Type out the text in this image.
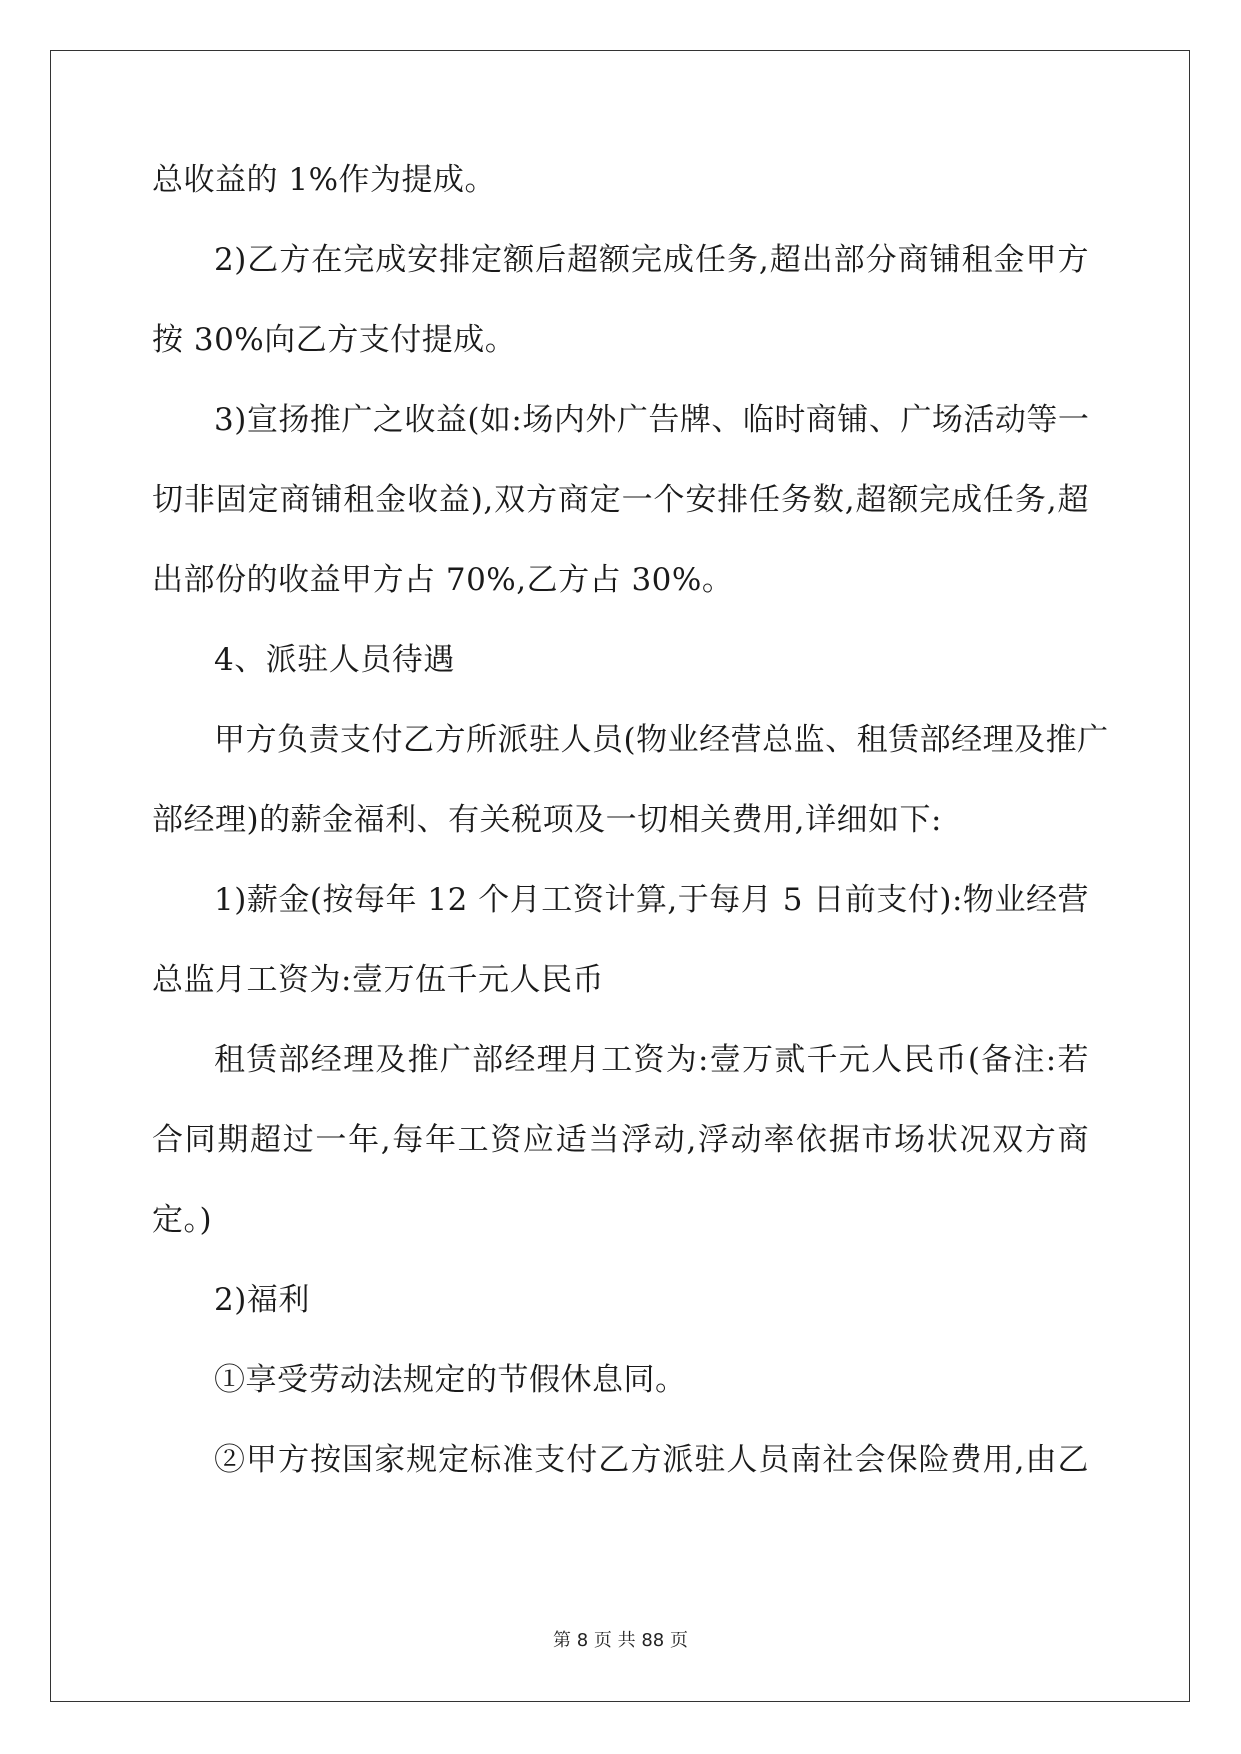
总收益的 1%作为提成。
2)乙方在完成安排定额后超额完成任务,超出部分商铺租金甲方
按 30%向乙方支付提成。
3)宣扬推广之收益(如:场内外广告牌、临时商铺、广场活动等一
切非固定商铺租金收益),双方商定一个安排任务数,超额完成任务,超
出部份的收益甲方占 70%,乙方占 30%。
4、派驻人员待遇
甲方负责支付乙方所派驻人员(物业经营总监、租赁部经理及推广
部经理)的薪金福利、有关税项及一切相关费用,详细如下:
1)薪金(按每年 12 个月工资计算,于每月 5 日前支付):物业经营
总监月工资为:壹万伍千元人民币
租赁部经理及推广部经理月工资为:壹万贰千元人民币(备注:若
合同期超过一年,每年工资应适当浮动,浮动率依据市场状况双方商
定。)
2)福利
①享受劳动法规定的节假休息同。
②甲方按国家规定标准支付乙方派驻人员南社会保险费用,由乙
第 8 页 共 88 页
